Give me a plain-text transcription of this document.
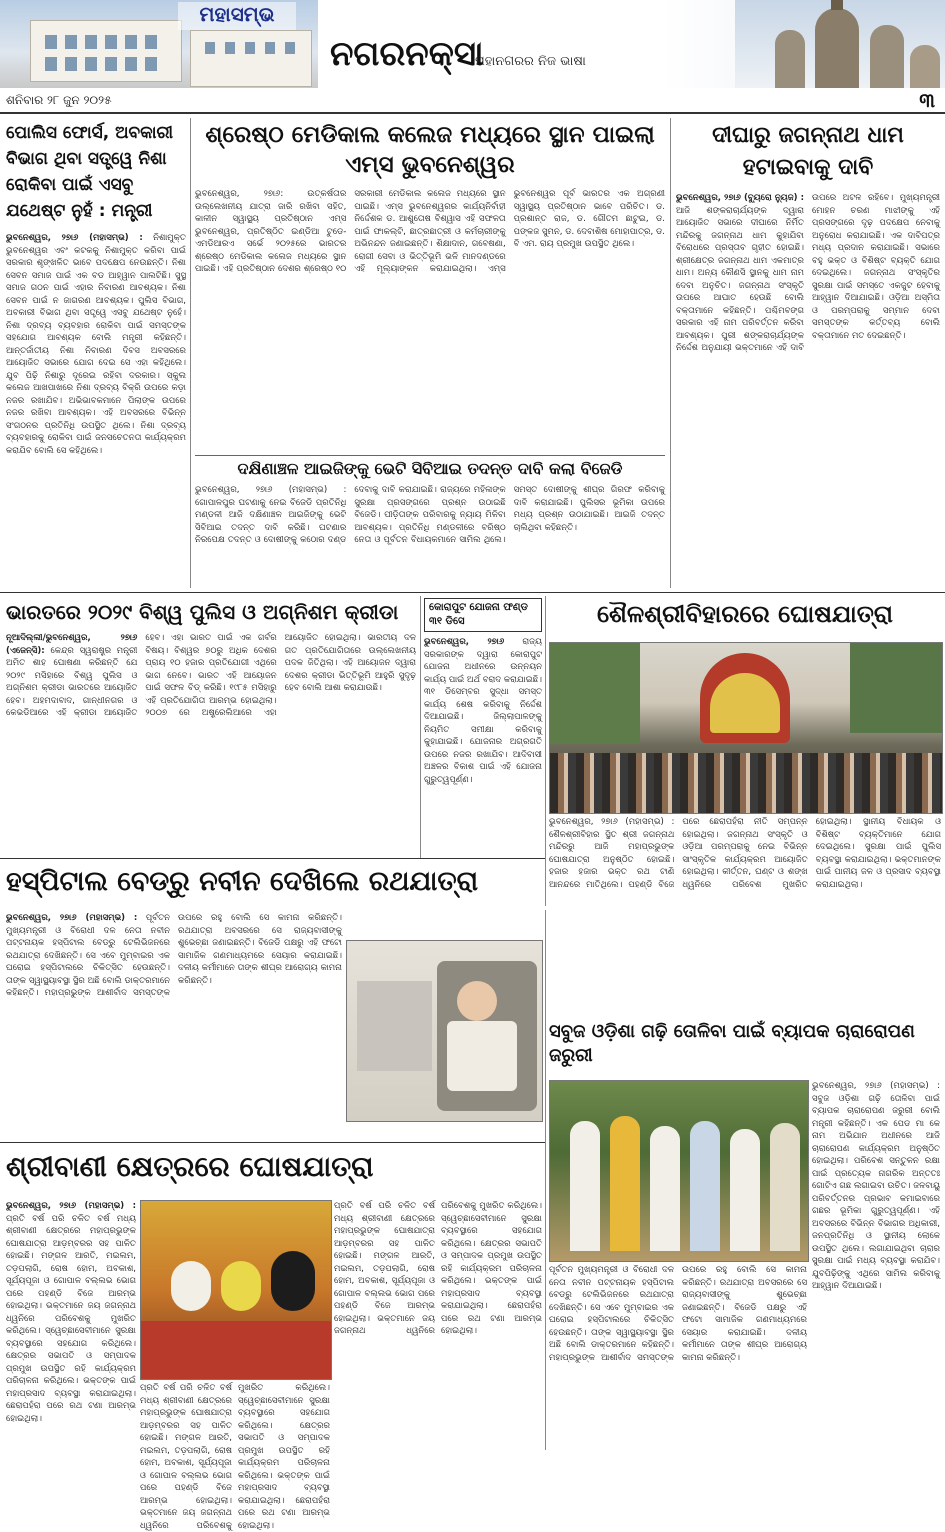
ମହାସମ୍ଭ
ନଗରନକ୍ସା
ମହାନଗରର ନିଜ ଭାଷା
ଶନିବାର ୨୮ ଜୁନ ୨୦୨୫	୩
ପୋଲିସ ଫୋର୍ସ, ଅବକାରୀ ବିଭାଗ ଥିବା ସତ୍ତ୍ୱେ ନିଶା ରୋକିବା ପାଇଁ ଏସବୁ ଯଥେଷ୍ଟ ନୁହଁ : ମନ୍ତ୍ରୀ
ଭୁବନେଶ୍ୱର, ୨୭ା୬ (ମହାସମ୍ଭ) : ନିଶାମୁକ୍ତ ଭୁବନେଶ୍ୱର ଏବଂ କଟକକୁ ନିଶାମୁକ୍ତ କରିବା ପାଇଁ ସରକାର ଶୃଙ୍ଖଳିତ ଭାବେ ପଦକ୍ଷେପ ନେଉଛନ୍ତି। ନିଶା ସେବନ ସମାଜ ପାଇଁ ଏକ ବଡ ଆହ୍ୱାନ ପାଲଟିଛି। ସୁସ୍ଥ ସମାଜ ଗଠନ ପାଇଁ ଏହାର ନିବାରଣ ଆବଶ୍ୟକ। ନିଶା ସେବନ ପାଇଁ ନ ଜାଗରଣ ଆବଶ୍ୟକ। ପୁଲିସ ବିଭାଗ, ଅବକାରୀ ବିଭାଗ ଥିବା ସତ୍ତ୍ୱେ ଏସବୁ ଯଥେଷ୍ଟ ନୁହେଁ। ନିଶା ଦ୍ରବ୍ୟ ବ୍ୟବହାର ରୋକିବା ପାଇଁ ସମସ୍ତଙ୍କ ସହଯୋଗ ଆବଶ୍ୟକ ବୋଲି ମନ୍ତ୍ରୀ କହିଛନ୍ତି। ଆନ୍ତର୍ଜାତୀୟ ନିଶା ନିବାରଣ ଦିବସ ଅବସରରେ ଆୟୋଜିତ ସଭାରେ ଯୋଗ ଦେଇ ସେ ଏହା କହିଥିଲେ। ଯୁବ ପିଢ଼ି ନିଶାରୁ ଦୂରେଇ ରହିବା ଦରକାର। ସ୍କୁଲ କଲେଜ ଆଖପାଖରେ ନିଶା ଦ୍ରବ୍ୟ ବିକ୍ରି ଉପରେ କଡ଼ା ନଜର ରଖାଯିବ। ଅଭିଭାବକମାନେ ପିଲାଙ୍କ ଉପରେ ନଜର ରଖିବା ଆବଶ୍ୟକ। ଏହି ଅବସରରେ ବିଭିନ୍ନ ସଂଗଠନର ପ୍ରତିନିଧି ଉପସ୍ଥିତ ଥିଲେ। ନିଶା ଦ୍ରବ୍ୟ ବ୍ୟବହାରକୁ ରୋକିବା ପାଇଁ ଜନସଚେତନତା କାର୍ଯ୍ୟକ୍ରମ କରାଯିବ ବୋଲି ସେ କହିଥିଲେ।
ଶ୍ରେଷ୍ଠ ମେଡିକାଲ କଲେଜ ମଧ୍ୟରେ ସ୍ଥାନ ପାଇଲା ଏମ୍ସ ଭୁବନେଶ୍ୱର
ଭୁବନେଶ୍ୱର, ୨୭ା୬: ଉତ୍କର୍ଷତାର ଉଲ୍ଲେଖନୀୟ ଯାତ୍ରା ଜାରି ରଖିବା ସହିତ, କାଳୀନ ସ୍ୱାସ୍ଥ୍ୟ ପ୍ରତିଷ୍ଠାନ ଏମ୍ସ ଭୁବନେଶ୍ୱର, ପ୍ରତିଷ୍ଠିତ ଇଣ୍ଡିଆ ଟୁଡେ-ଏମଡିଆରଏ ସର୍ଭେ ୨୦୨୫ରେ ଭାରତର ଶ୍ରେଷ୍ଠ ମେଡିକାଲ କଲେଜ ମଧ୍ୟରେ ସ୍ଥାନ ପାଇଛି। ଏହି ପ୍ରତିଷ୍ଠାନ ଦେଶର ଶ୍ରେଷ୍ଠ ୧୦ ସରକାରୀ ମେଡିକାଲ କଲେଜ ମଧ୍ୟରେ ସ୍ଥାନ ପାଇଛି। ଏମ୍ସ ଭୁବନେଶ୍ୱରର କାର୍ଯ୍ୟନିର୍ବାହୀ ନିର୍ଦ୍ଦେଶକ ଡ. ଆଶୁତୋଷ ବିଶ୍ୱାସ ଏହି ସଫଳତା ପାଇଁ ଫାକଲ୍ଟି, ଛାତ୍ରଛାତ୍ରୀ ଓ କର୍ମଚାରୀଙ୍କୁ ଅଭିନନ୍ଦନ ଜଣାଇଛନ୍ତି। ଶିକ୍ଷାଦାନ, ଗବେଷଣା, ରୋଗୀ ସେବା ଓ ଭିତ୍ତିଭୂମି ଭଳି ମାନଦଣ୍ଡରେ ଏହି ମୂଲ୍ୟାଙ୍କନ କରାଯାଇଥିଲା। ଏମ୍ସ ଭୁବନେଶ୍ୱର ପୂର୍ବ ଭାରତର ଏକ ଅଗ୍ରଣୀ ସ୍ୱାସ୍ଥ୍ୟ ପ୍ରତିଷ୍ଠାନ ଭାବେ ପରିଚିତ। ଡ. ପ୍ରଶାନ୍ତ ରାଜ, ଡ. ଗୌତମ ଛାଟୁଇ, ଡ. ପଙ୍କଜ ସୁମନ, ଡ. ଦେବାଶିଷ ମୋହାପାତ୍ର, ଡ. ବି ଏମ. ରାୟ ପ୍ରମୁଖ ଉପସ୍ଥିତ ଥିଲେ।
ଦୀଘାରୁ ଜଗନ୍ନାଥ ଧାମ ହଟାଇବାକୁ ଦାବି
ଭୁବନେଶ୍ୱର, ୨୭ା୬ (ବ୍ୟୁରୋ ନ୍ୟୁଜ) : ଆଜି ଶଙ୍କରାଚାର୍ଯ୍ୟଙ୍କ ଦ୍ୱାରା ଆୟୋଜିତ ସଭାରେ ଦୀଘାରେ ନିର୍ମିତ ମନ୍ଦିରକୁ ଜଗନ୍ନାଥ ଧାମ କୁହାଯିବା ବିରୋଧରେ ପ୍ରସ୍ତାବ ଗୃହୀତ ହୋଇଛି। ଶ୍ରୀକ୍ଷେତ୍ର ଜଗନ୍ନାଥ ଧାମ ଏକମାତ୍ର ଧାମ। ଅନ୍ୟ କୌଣସି ସ୍ଥାନକୁ ଧାମ ନାମ ଦେବା ଅନୁଚିତ। ଜଗନ୍ନାଥ ସଂସ୍କୃତି ଉପରେ ଆଘାତ ହେଉଛି ବୋଲି ବକ୍ତାମାନେ କହିଛନ୍ତି। ପଶ୍ଚିମବଙ୍ଗ ସରକାର ଏହି ନାମ ପରିବର୍ତ୍ତନ କରିବା ଆବଶ୍ୟକ। ପୁରୀ ଶଙ୍କରାଚାର୍ଯ୍ୟଙ୍କ ନିର୍ଦ୍ଦେଶ ଅନୁଯାୟୀ ଭକ୍ତମାନେ ଏହି ଦାବି ଉପରେ ଅଟଳ ରହିବେ। ମୁଖ୍ୟମନ୍ତ୍ରୀ ମୋହନ ଚରଣ ମାଝୀଙ୍କୁ ଏହି ପ୍ରସଙ୍ଗରେ ଦୃଢ଼ ପଦକ୍ଷେପ ନେବାକୁ ଅନୁରୋଧ କରାଯାଇଛି। ଏକ ଦାବିପତ୍ର ମଧ୍ୟ ପ୍ରଦାନ କରାଯାଇଛି। ସଭାରେ ବହୁ ଭକ୍ତ ଓ ବିଶିଷ୍ଟ ବ୍ୟକ୍ତି ଯୋଗ ଦେଇଥିଲେ। ଜଗନ୍ନାଥ ସଂସ୍କୃତିର ସୁରକ୍ଷା ପାଇଁ ସମସ୍ତେ ଏକଜୁଟ ହେବାକୁ ଆହ୍ୱାନ ଦିଆଯାଇଛି। ଓଡ଼ିଆ ଅସ୍ମିତା ଓ ପରମ୍ପରାକୁ ସମ୍ମାନ ଦେବା ସମସ୍ତଙ୍କ କର୍ତ୍ତବ୍ୟ ବୋଲି ବକ୍ତାମାନେ ମତ ଦେଇଛନ୍ତି।
ଦକ୍ଷିଣାଞ୍ଚଳ ଆଇଜିଙ୍କୁ ଭେଟି ସିବିଆଇ ତଦନ୍ତ ଦାବି କଲା ବିଜେଡି
ଭୁବନେଶ୍ୱର, ୨୭ା୬ (ମହାସମ୍ଭ) : ଗୋପାଳପୁର ଘଟଣାକୁ ନେଇ ବିଜେଡି ପ୍ରତିନିଧି ମଣ୍ଡଳୀ ଆଜି ଦକ୍ଷିଣାଞ୍ଚଳ ଆଇଜିଙ୍କୁ ଭେଟି ସିବିଆଇ ତଦନ୍ତ ଦାବି କରିଛି। ଘଟଣାର ନିରପେକ୍ଷ ତଦନ୍ତ ଓ ଦୋଷୀଙ୍କୁ କଠୋର ଦଣ୍ଡ ଦେବାକୁ ଦାବି କରାଯାଇଛି। ରାଜ୍ୟରେ ମହିଳାଙ୍କ ସୁରକ୍ଷା ପ୍ରସଙ୍ଗରେ ପ୍ରଶ୍ନ ଉଠାଇଛି ବିଜେଡି। ପୀଡ଼ିତାଙ୍କ ପରିବାରକୁ ନ୍ୟାୟ ମିଳିବା ଆବଶ୍ୟକ। ପ୍ରତିନିଧି ମଣ୍ଡଳୀରେ ବରିଷ୍ଠ ନେତା ଓ ପୂର୍ବତନ ବିଧାୟକମାନେ ସାମିଲ ଥିଲେ। ସମସ୍ତ ଦୋଷୀଙ୍କୁ ଶୀଘ୍ର ଗିରଫ କରିବାକୁ ଦାବି କରାଯାଇଛି। ପୁଲିସର ଭୂମିକା ଉପରେ ମଧ୍ୟ ପ୍ରଶ୍ନ ଉଠାଯାଇଛି। ଆଇଜି ତଦନ୍ତ ଚାଲିଥିବା କହିଛନ୍ତି।
ଭାରତରେ ୨୦୨୯ ବିଶ୍ୱ ପୁଲିସ ଓ ଅଗ୍ନିଶମ କ୍ରୀଡା
ନୂଆଦିଲ୍ଲୀ/ଭୁବନେଶ୍ୱର, ୨୭ା୬ (ଏଜେନ୍ସି): କେନ୍ଦ୍ର ସ୍ୱରାଷ୍ଟ୍ର ମନ୍ତ୍ରୀ ଅମିତ ଶାହ ଘୋଷଣା କରିଛନ୍ତି ଯେ ୨୦୨୯ ମସିହାରେ ବିଶ୍ୱ ପୁଲିସ ଓ ଅଗ୍ନିଶମ କ୍ରୀଡା ଭାରତରେ ଆୟୋଜିତ ହେବ। ଅହମଦାବାଦ, ଗାନ୍ଧୀନଗର ଓ କେଭଡିଆରେ ଏହି କ୍ରୀଡା ଆୟୋଜିତ ହେବ। ଏହା ଭାରତ ପାଇଁ ଏକ ଗର୍ବର ବିଷୟ। ବିଶ୍ୱର ୭୦ରୁ ଅଧିକ ଦେଶର ପ୍ରାୟ ୧୦ ହଜାର ପ୍ରତିଯୋଗୀ ଏଥିରେ ଭାଗ ନେବେ। ଭାରତ ଏହି ଆୟୋଜନ ପାଇଁ ସଫଳ ବିଡ୍ କରିଛି। ୧୯୮୫ ମସିହାରୁ ଏହି ପ୍ରତିଯୋଗିତା ଆରମ୍ଭ ହୋଇଥିଲା। ୨୦୦୭ ରେ ଅଷ୍ଟ୍ରେଲିଆରେ ଏହା ଆୟୋଜିତ ହୋଇଥିଲା। ଭାରତୀୟ ଦଳ ଗତ ପ୍ରତିଯୋଗିତାରେ ଉଲ୍ଲେଖନୀୟ ପଦକ ଜିତିଥିଲା। ଏହି ଆୟୋଜନ ଦ୍ୱାରା ଦେଶର କ୍ରୀଡା ଭିତ୍ତିଭୂମି ଆହୁରି ସୁଦୃଢ଼ ହେବ ବୋଲି ଆଶା କରାଯାଉଛି।
କୋରାପୁଟ ଯୋଜନା ଫଣ୍ଡ ୩୧ ଡିସେ
ଭୁବନେଶ୍ୱର, ୨୭ା୬ ରାଜ୍ୟ ସରକାରଙ୍କ ଦ୍ୱାରା କୋରାପୁଟ ଯୋଜନା ଅଧୀନରେ ଉନ୍ନୟନ କାର୍ଯ୍ୟ ପାଇଁ ଅର୍ଥ ବରାଦ କରାଯାଇଛି। ୩୧ ଡିସେମ୍ବର ସୁଦ୍ଧା ସମସ୍ତ କାର୍ଯ୍ୟ ଶେଷ କରିବାକୁ ନିର୍ଦ୍ଦେଶ ଦିଆଯାଇଛି। ଜିଲ୍ଲାପାଳଙ୍କୁ ନିୟମିତ ସମୀକ୍ଷା କରିବାକୁ କୁହାଯାଇଛି। ଯୋଜନାର ଅଗ୍ରଗତି ଉପରେ ନଜର ରଖାଯିବ। ଆଦିବାସୀ ଅଞ୍ଚଳର ବିକାଶ ପାଇଁ ଏହି ଯୋଜନା ଗୁରୁତ୍ୱପୂର୍ଣ୍ଣ।
ଶୈଳଶ୍ରୀବିହାରରେ ଘୋଷଯାତ୍ରା
ଭୁବନେଶ୍ୱର, ୨୭ା୬ (ମହାସମ୍ଭ) : ଶୈଳଶ୍ରୀବିହାର ସ୍ଥିତ ଶ୍ରୀ ଜଗନ୍ନାଥ ମନ୍ଦିରରୁ ଆଜି ମହାପ୍ରଭୁଙ୍କ ଘୋଷଯାତ୍ରା ଅନୁଷ୍ଠିତ ହୋଇଛି। ହଜାର ହଜାର ଭକ୍ତ ରଥ ଟାଣି ଆନନ୍ଦରେ ମାତିଥିଲେ। ପହଣ୍ଡି ବିଜେ ପରେ ଛେରାପହଁରା ନୀତି ସମ୍ପନ୍ନ ହୋଇଥିଲା। ଜଗନ୍ନାଥ ସଂସ୍କୃତି ଓ ଓଡ଼ିଆ ପରମ୍ପରାକୁ ନେଇ ବିଭିନ୍ନ ସାଂସ୍କୃତିକ କାର୍ଯ୍ୟକ୍ରମ ଆୟୋଜିତ ହୋଇଥିଲା। କୀର୍ତ୍ତନ, ଘଣ୍ଟ ଓ ଶଙ୍ଖ ଧ୍ୱନିରେ ପରିବେଶ ମୁଖରିତ ହୋଇଥିଲା। ସ୍ଥାନୀୟ ବିଧାୟକ ଓ ବିଶିଷ୍ଟ ବ୍ୟକ୍ତିମାନେ ଯୋଗ ଦେଇଥିଲେ। ସୁରକ୍ଷା ପାଇଁ ପୁଲିସ ବ୍ୟବସ୍ଥା କରାଯାଇଥିଲା। ଭକ୍ତମାନଙ୍କ ପାଇଁ ପାନୀୟ ଜଳ ଓ ପ୍ରସାଦ ବ୍ୟବସ୍ଥା କରାଯାଇଥିଲା।
ହସ୍ପିଟାଲ ବେଡ୍‌ରୁ ନବୀନ ଦେଖିଲେ ରଥଯାତ୍ରା
ଭୁବନେଶ୍ୱର, ୨୭ା୬ (ମହାସମ୍ଭ) : ପୂର୍ବତନ ମୁଖ୍ୟମନ୍ତ୍ରୀ ଓ ବିରୋଧୀ ଦଳ ନେତା ନବୀନ ପଟ୍ଟନାୟକ ହସ୍ପିଟାଲ ବେଡ୍‌ରୁ ଟେଲିଭିଜନରେ ରଥଯାତ୍ରା ଦେଖିଛନ୍ତି। ସେ ଏବେ ମୁମ୍ବାଇର ଏକ ଘରୋଇ ହସ୍ପିଟାଲରେ ଚିକିତ୍ସିତ ହେଉଛନ୍ତି। ତାଙ୍କ ସ୍ୱାସ୍ଥ୍ୟାବସ୍ଥା ସ୍ଥିର ଅଛି ବୋଲି ଡାକ୍ତରମାନେ କହିଛନ୍ତି। ମହାପ୍ରଭୁଙ୍କ ଆଶୀର୍ବାଦ ସମସ୍ତଙ୍କ ଉପରେ ରହୁ ବୋଲି ସେ କାମନା କରିଛନ୍ତି। ରଥଯାତ୍ରା ଅବସରରେ ସେ ରାଜ୍ୟବାସୀଙ୍କୁ ଶୁଭେଚ୍ଛା ଜଣାଇଛନ୍ତି। ବିଜେଡି ପକ୍ଷରୁ ଏହି ଫଟୋ ସାମାଜିକ ଗଣମାଧ୍ୟମରେ ସେୟାର କରାଯାଇଛି। ଦଳୀୟ କର୍ମୀମାନେ ତାଙ୍କ ଶୀଘ୍ର ଆରୋଗ୍ୟ କାମନା କରିଛନ୍ତି।
ସବୁଜ ଓଡ଼ିଶା ଗଢ଼ି ତୋଳିବା ପାଇଁ ବ୍ୟାପକ ଚାରାରୋପଣ ଜରୁରୀ
ଭୁବନେଶ୍ୱର, ୨୭ା୬ (ମହାସମ୍ଭ) : ସବୁଜ ଓଡ଼ିଶା ଗଢ଼ି ତୋଳିବା ପାଇଁ ବ୍ୟାପକ ଚାରାରୋପଣ ଜରୁରୀ ବୋଲି ମନ୍ତ୍ରୀ କହିଛନ୍ତି। ଏକ ପେଡ ମା କେ ନାମ ଅଭିଯାନ ଅଧୀନରେ ଆଜି ଚାରାରୋପଣ କାର୍ଯ୍ୟକ୍ରମ ଅନୁଷ୍ଠିତ ହୋଇଥିଲା। ପରିବେଶ ସନ୍ତୁଳନ ରକ୍ଷା ପାଇଁ ପ୍ରତ୍ୟେକ ନାଗରିକ ଅନ୍ତତଃ ଗୋଟିଏ ଗଛ ଲଗାଇବା ଉଚିତ। ଜଳବାୟୁ ପରିବର୍ତ୍ତନର ପ୍ରଭାବ କମାଇବାରେ ଗଛର ଭୂମିକା ଗୁରୁତ୍ୱପୂର୍ଣ୍ଣ। ଏହି ଅବସରରେ ବିଭିନ୍ନ ବିଭାଗର ଅଧିକାରୀ, ଜନପ୍ରତିନିଧି ଓ ସ୍ଥାନୀୟ ଲୋକେ ଉପସ୍ଥିତ ଥିଲେ। ଲଗାଯାଇଥିବା ଚାରାର ସୁରକ୍ଷା ପାଇଁ ମଧ୍ୟ ବ୍ୟବସ୍ଥା କରାଯିବ। ଯୁବପିଢ଼ିଙ୍କୁ ଏଥିରେ ସାମିଲ କରିବାକୁ ଆହ୍ୱାନ ଦିଆଯାଇଛି।
ପୂର୍ବତନ ମୁଖ୍ୟମନ୍ତ୍ରୀ ଓ ବିରୋଧୀ ଦଳ ନେତା ନବୀନ ପଟ୍ଟନାୟକ ହସ୍ପିଟାଲ ବେଡ୍‌ରୁ ଟେଲିଭିଜନରେ ରଥଯାତ୍ରା ଦେଖିଛନ୍ତି। ସେ ଏବେ ମୁମ୍ବାଇର ଏକ ଘରୋଇ ହସ୍ପିଟାଲରେ ଚିକିତ୍ସିତ ହେଉଛନ୍ତି। ତାଙ୍କ ସ୍ୱାସ୍ଥ୍ୟାବସ୍ଥା ସ୍ଥିର ଅଛି ବୋଲି ଡାକ୍ତରମାନେ କହିଛନ୍ତି। ମହାପ୍ରଭୁଙ୍କ ଆଶୀର୍ବାଦ ସମସ୍ତଙ୍କ ଉପରେ ରହୁ ବୋଲି ସେ କାମନା କରିଛନ୍ତି। ରଥଯାତ୍ରା ଅବସରରେ ସେ ରାଜ୍ୟବାସୀଙ୍କୁ ଶୁଭେଚ୍ଛା ଜଣାଇଛନ୍ତି। ବିଜେଡି ପକ୍ଷରୁ ଏହି ଫଟୋ ସାମାଜିକ ଗଣମାଧ୍ୟମରେ ସେୟାର କରାଯାଇଛି। ଦଳୀୟ କର୍ମୀମାନେ ତାଙ୍କ ଶୀଘ୍ର ଆରୋଗ୍ୟ କାମନା କରିଛନ୍ତି।
ଶ୍ରୀବାଣୀ କ୍ଷେତ୍ରରେ ଘୋଷଯାତ୍ରା
ଭୁବନେଶ୍ୱର, ୨୭ା୬ (ମହାସମ୍ଭ) : ପ୍ରତି ବର୍ଷ ପରି ଚଳିତ ବର୍ଷ ମଧ୍ୟ ଶ୍ରୀବାଣୀ କ୍ଷେତ୍ରରେ ମହାପ୍ରଭୁଙ୍କ ଘୋଷଯାତ୍ରା ଆଡ଼ମ୍ବରର ସହ ପାଳିତ ହୋଇଛି। ମଙ୍ଗଳ ଆରତି, ମଇଲମ, ତଡ଼ପଲାଗି, ରୋଷ ହୋମ, ଅବକାଶ, ସୂର୍ଯ୍ୟପୂଜା ଓ ଗୋପାଳ ବଲ୍ଲଭ ଭୋଗ ପରେ ପହଣ୍ଡି ବିଜେ ଆରମ୍ଭ ହୋଇଥିଲା। ଭକ୍ତମାନେ ଜୟ ଜଗନ୍ନାଥ ଧ୍ୱନିରେ ପରିବେଶକୁ ମୁଖରିତ କରିଥିଲେ। ସ୍ୱେଚ୍ଛାସେବୀମାନେ ସୁରକ୍ଷା ବ୍ୟବସ୍ଥାରେ ସହଯୋଗ କରିଥିଲେ। କ୍ଷେତ୍ରର ସଭାପତି ଓ ସମ୍ପାଦକ ପ୍ରମୁଖ ଉପସ୍ଥିତ ରହି କାର୍ଯ୍ୟକ୍ରମ ପରିଚାଳନା କରିଥିଲେ। ଭକ୍ତଙ୍କ ପାଇଁ ମହାପ୍ରସାଦ ବ୍ୟବସ୍ଥା କରାଯାଇଥିଲା। ଛେରାପହଁରା ପରେ ରଥ ଟଣା ଆରମ୍ଭ ହୋଇଥିଲା।
ପ୍ରତି ବର୍ଷ ପରି ଚଳିତ ବର୍ଷ ମଧ୍ୟ ଶ୍ରୀବାଣୀ କ୍ଷେତ୍ରରେ ମହାପ୍ରଭୁଙ୍କ ଘୋଷଯାତ୍ରା ଆଡ଼ମ୍ବରର ସହ ପାଳିତ ହୋଇଛି। ମଙ୍ଗଳ ଆରତି, ମଇଲମ, ତଡ଼ପଲାଗି, ରୋଷ ହୋମ, ଅବକାଶ, ସୂର୍ଯ୍ୟପୂଜା ଓ ଗୋପାଳ ବଲ୍ଲଭ ଭୋଗ ପରେ ପହଣ୍ଡି ବିଜେ ଆରମ୍ଭ ହୋଇଥିଲା। ଭକ୍ତମାନେ ଜୟ ଜଗନ୍ନାଥ ଧ୍ୱନିରେ ପରିବେଶକୁ ମୁଖରିତ କରିଥିଲେ। ସ୍ୱେଚ୍ଛାସେବୀମାନେ ସୁରକ୍ଷା ବ୍ୟବସ୍ଥାରେ ସହଯୋଗ କରିଥିଲେ। କ୍ଷେତ୍ରର ସଭାପତି ଓ ସମ୍ପାଦକ ପ୍ରମୁଖ ଉପସ୍ଥିତ ରହି କାର୍ଯ୍ୟକ୍ରମ ପରିଚାଳନା କରିଥିଲେ। ଭକ୍ତଙ୍କ ପାଇଁ ମହାପ୍ରସାଦ ବ୍ୟବସ୍ଥା କରାଯାଇଥିଲା। ଛେରାପହଁରା ପରେ ରଥ ଟଣା ଆରମ୍ଭ ହୋଇଥିଲା।
ପ୍ରତି ବର୍ଷ ପରି ଚଳିତ ବର୍ଷ ମଧ୍ୟ ଶ୍ରୀବାଣୀ କ୍ଷେତ୍ରରେ ମହାପ୍ରଭୁଙ୍କ ଘୋଷଯାତ୍ରା ଆଡ଼ମ୍ବରର ସହ ପାଳିତ ହୋଇଛି। ମଙ୍ଗଳ ଆରତି, ମଇଲମ, ତଡ଼ପଲାଗି, ରୋଷ ହୋମ, ଅବକାଶ, ସୂର୍ଯ୍ୟପୂଜା ଓ ଗୋପାଳ ବଲ୍ଲଭ ଭୋଗ ପରେ ପହଣ୍ଡି ବିଜେ ଆରମ୍ଭ ହୋଇଥିଲା। ଭକ୍ତମାନେ ଜୟ ଜଗନ୍ନାଥ ଧ୍ୱନିରେ ପରିବେଶକୁ ମୁଖରିତ କରିଥିଲେ। ସ୍ୱେଚ୍ଛାସେବୀମାନେ ସୁରକ୍ଷା ବ୍ୟବସ୍ଥାରେ ସହଯୋଗ କରିଥିଲେ। କ୍ଷେତ୍ରର ସଭାପତି ଓ ସମ୍ପାଦକ ପ୍ରମୁଖ ଉପସ୍ଥିତ ରହି କାର୍ଯ୍ୟକ୍ରମ ପରିଚାଳନା କରିଥିଲେ। ଭକ୍ତଙ୍କ ପାଇଁ ମହାପ୍ରସାଦ ବ୍ୟବସ୍ଥା କରାଯାଇଥିଲା। ଛେରାପହଁରା ପରେ ରଥ ଟଣା ଆରମ୍ଭ ହୋଇଥିଲା।
